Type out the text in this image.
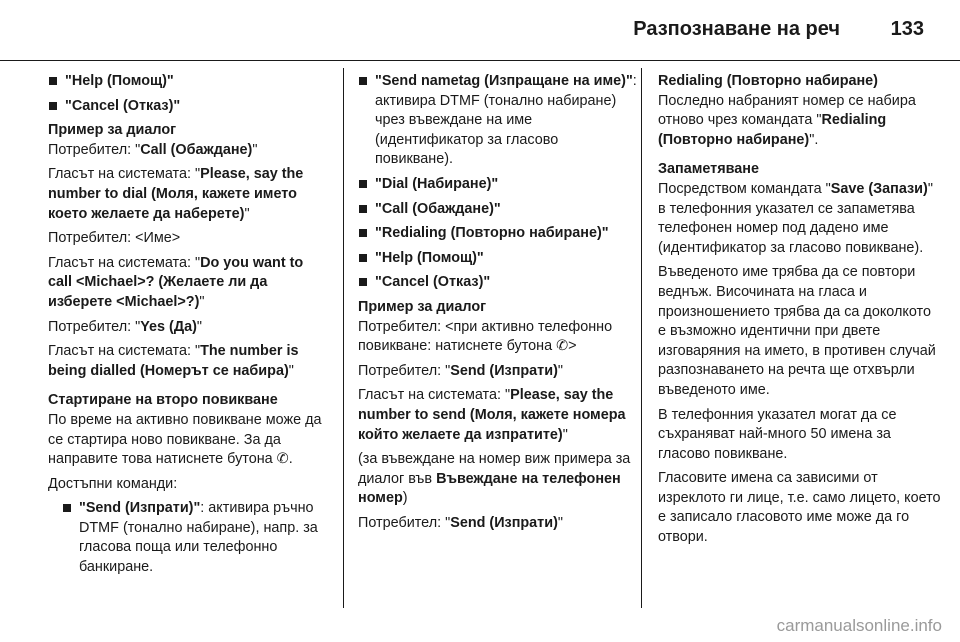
Разпознаване на реч	133
"Help (Помощ)"
"Cancel (Отказ)"

Пример за диалог

Потребител: "Call (Обаждане)"

Гласът на системата: "Please, say the number to dial (Моля, кажете името което желаете да наберете)"

Потребител: <Име>

Гласът на системата: "Do you want to call <Michael>? (Желаете ли да изберете <Michael>?)"

Потребител: "Yes (Да)"

Гласът на системата: "The number is being dialled (Номерът се набира)"

Стартиране на второ повикване

По време на активно повикване може да се стартира ново повикване. За да направите това натиснете бутона ✆.

Достъпни команди:

"Send (Изпрати)": активира ръчно DTMF (тонално набиране), напр. за гласова поща или телефонно банкиране.
"Send nametag (Изпращане на име)": активира DTMF (тонално набиране) чрез въвеждане на име (идентификатор за гласово повикване).
"Dial (Набиране)"
"Call (Обаждане)"
"Redialing (Повторно набиране)"
"Help (Помощ)"
"Cancel (Отказ)"

Пример за диалог

Потребител: <при активно телефонно повикване: натиснете бутона ✆>

Потребител: "Send (Изпрати)"

Гласът на системата: "Please, say the number to send (Моля, кажете номера който желаете да изпратите)"

(за въвеждане на номер виж примера за диалог във Въвеждане на телефонен номер)

Потребител: "Send (Изпрати)"

Redialing (Повторно набиране)

Последно набраният номер се набира отново чрез командата "Redialing (Повторно набиране)".

Запаметяване

Посредством командата "Save (Запази)" в телефонния указател се запаметява телефонен номер под дадено име (идентификатор за гласово повикване).

Въведеното име трябва да се повтори веднъж. Височината на гласа и произношението трябва да са доколкото е възможно идентични при двете изговаряния на името, в противен случай разпознаването на речта ще отхвърли въведеното име.

В телефонния указател могат да се съхраняват най-много 50 имена за гласово повикване.

Гласовите имена са зависими от изреклото ги лице, т.е. само лицето, което е записало гласовото име може да го отвори.

carmanualsonline.info
